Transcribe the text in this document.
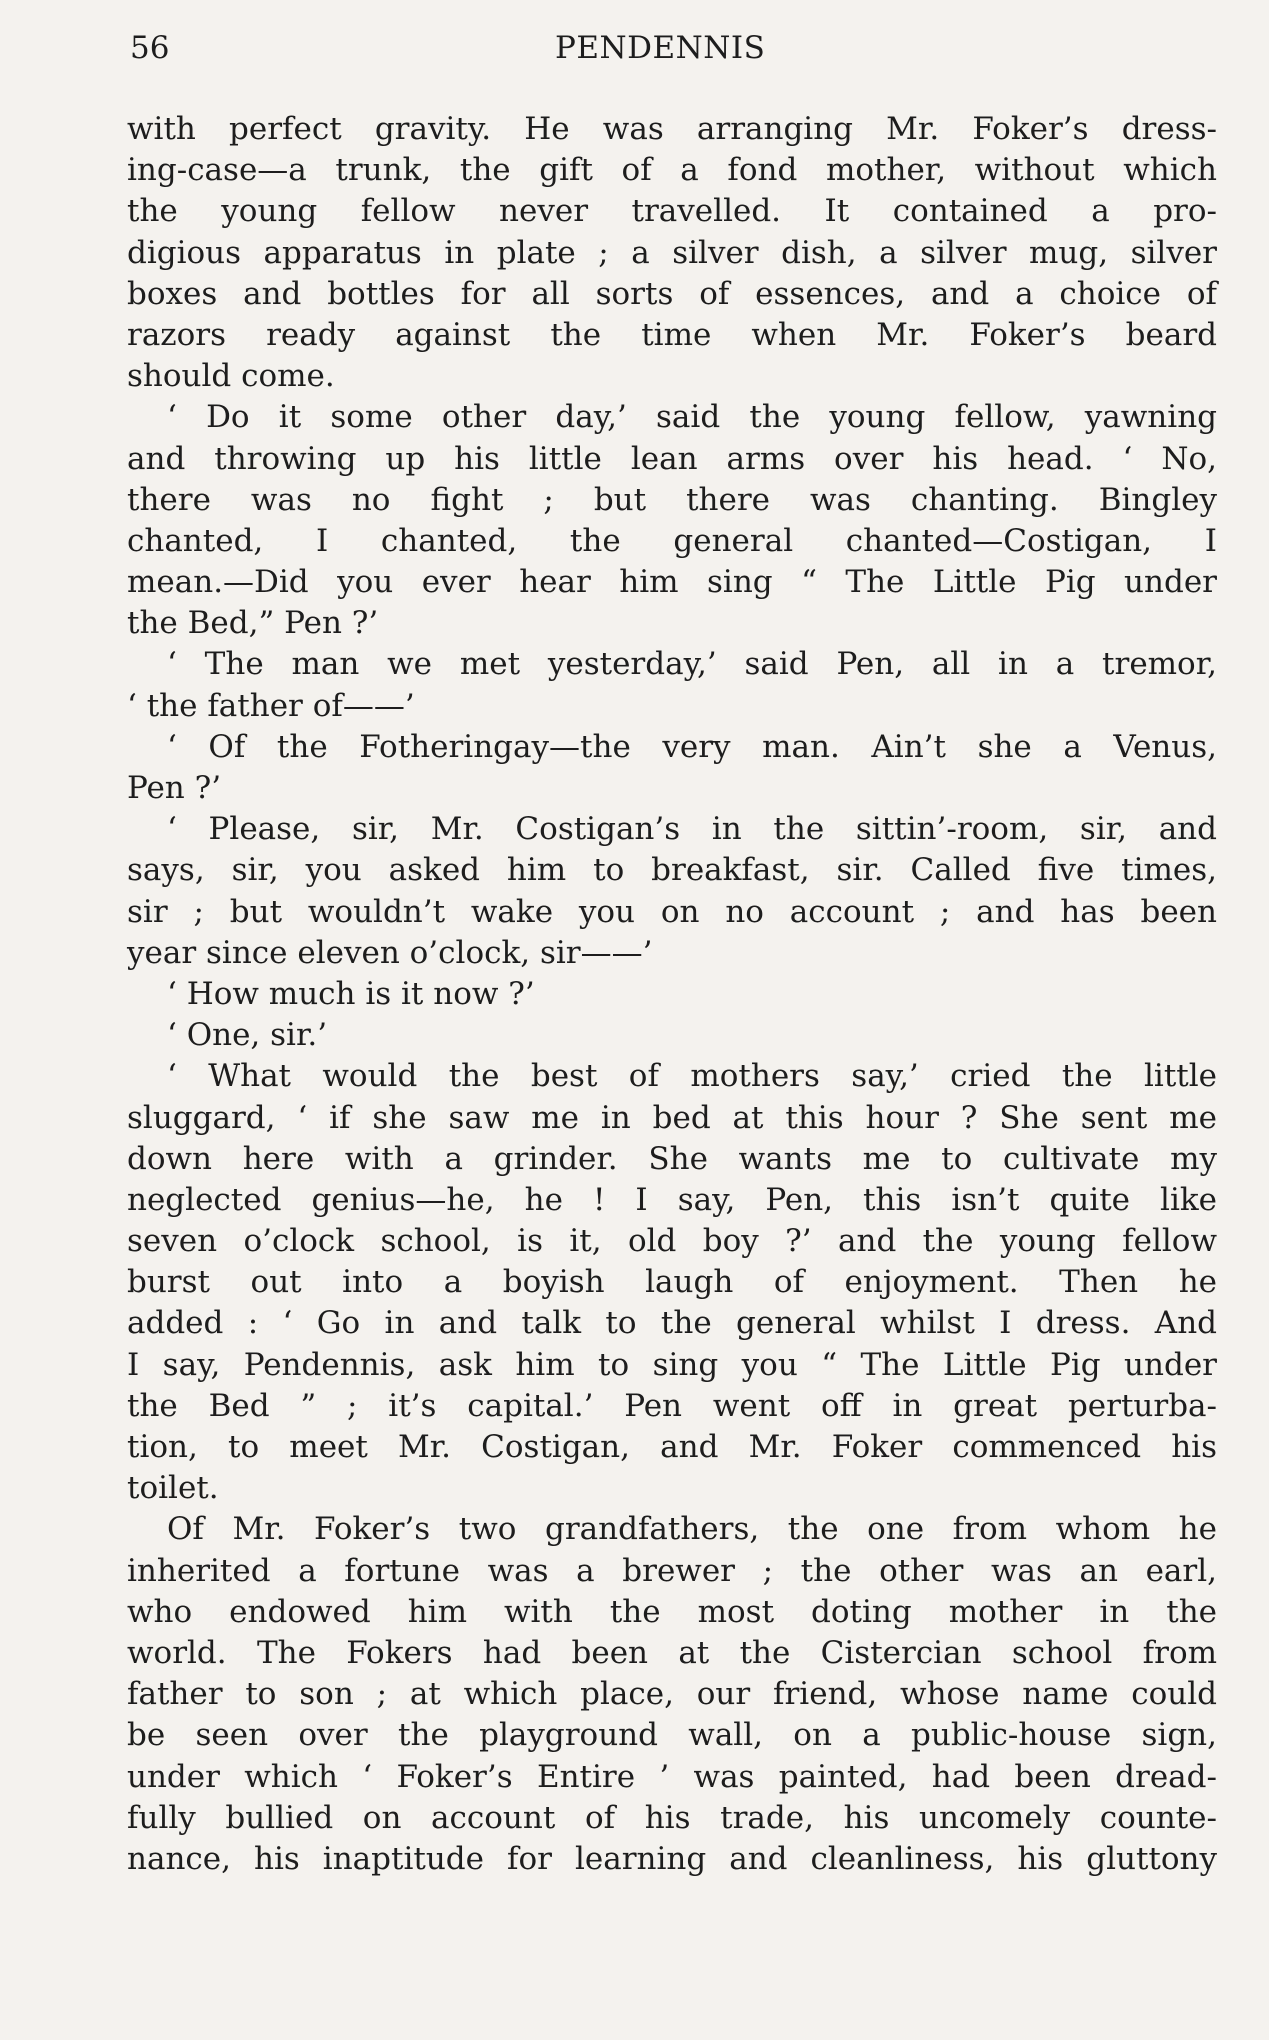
56	PENDENNIS
with perfect gravity. He was arranging Mr. Foker’s dress-
ing-case—a trunk, the gift of a fond mother, without which
the young fellow never travelled. It contained a pro-
digious apparatus in plate ; a silver dish, a silver mug, silver
boxes and bottles for all sorts of essences, and a choice of
razors ready against the time when Mr. Foker’s beard
should come.
‘ Do it some other day,’ said the young fellow, yawning
and throwing up his little lean arms over his head. ‘ No,
there was no fight ; but there was chanting. Bingley
chanted, I chanted, the general chanted—Costigan, I
mean.—Did you ever hear him sing “ The Little Pig under
the Bed,” Pen ?’
‘ The man we met yesterday,’ said Pen, all in a tremor,
‘ the father of——’
‘ Of the Fotheringay—the very man. Ain’t she a Venus,
Pen ?’
‘ Please, sir, Mr. Costigan’s in the sittin’-room, sir, and
says, sir, you asked him to breakfast, sir. Called five times,
sir ; but wouldn’t wake you on no account ; and has been
year since eleven o’clock, sir——’
‘ How much is it now ?’
‘ One, sir.’
‘ What would the best of mothers say,’ cried the little
sluggard, ‘ if she saw me in bed at this hour ? She sent me
down here with a grinder. She wants me to cultivate my
neglected genius—he, he ! I say, Pen, this isn’t quite like
seven o’clock school, is it, old boy ?’ and the young fellow
burst out into a boyish laugh of enjoyment. Then he
added : ‘ Go in and talk to the general whilst I dress. And
I say, Pendennis, ask him to sing you “ The Little Pig under
the Bed ” ; it’s capital.’ Pen went off in great perturba-
tion, to meet Mr. Costigan, and Mr. Foker commenced his
toilet.
Of Mr. Foker’s two grandfathers, the one from whom he
inherited a fortune was a brewer ; the other was an earl,
who endowed him with the most doting mother in the
world. The Fokers had been at the Cistercian school from
father to son ; at which place, our friend, whose name could
be seen over the playground wall, on a public-house sign,
under which ‘ Foker’s Entire ’ was painted, had been dread-
fully bullied on account of his trade, his uncomely counte-
nance, his inaptitude for learning and cleanliness, his gluttony
